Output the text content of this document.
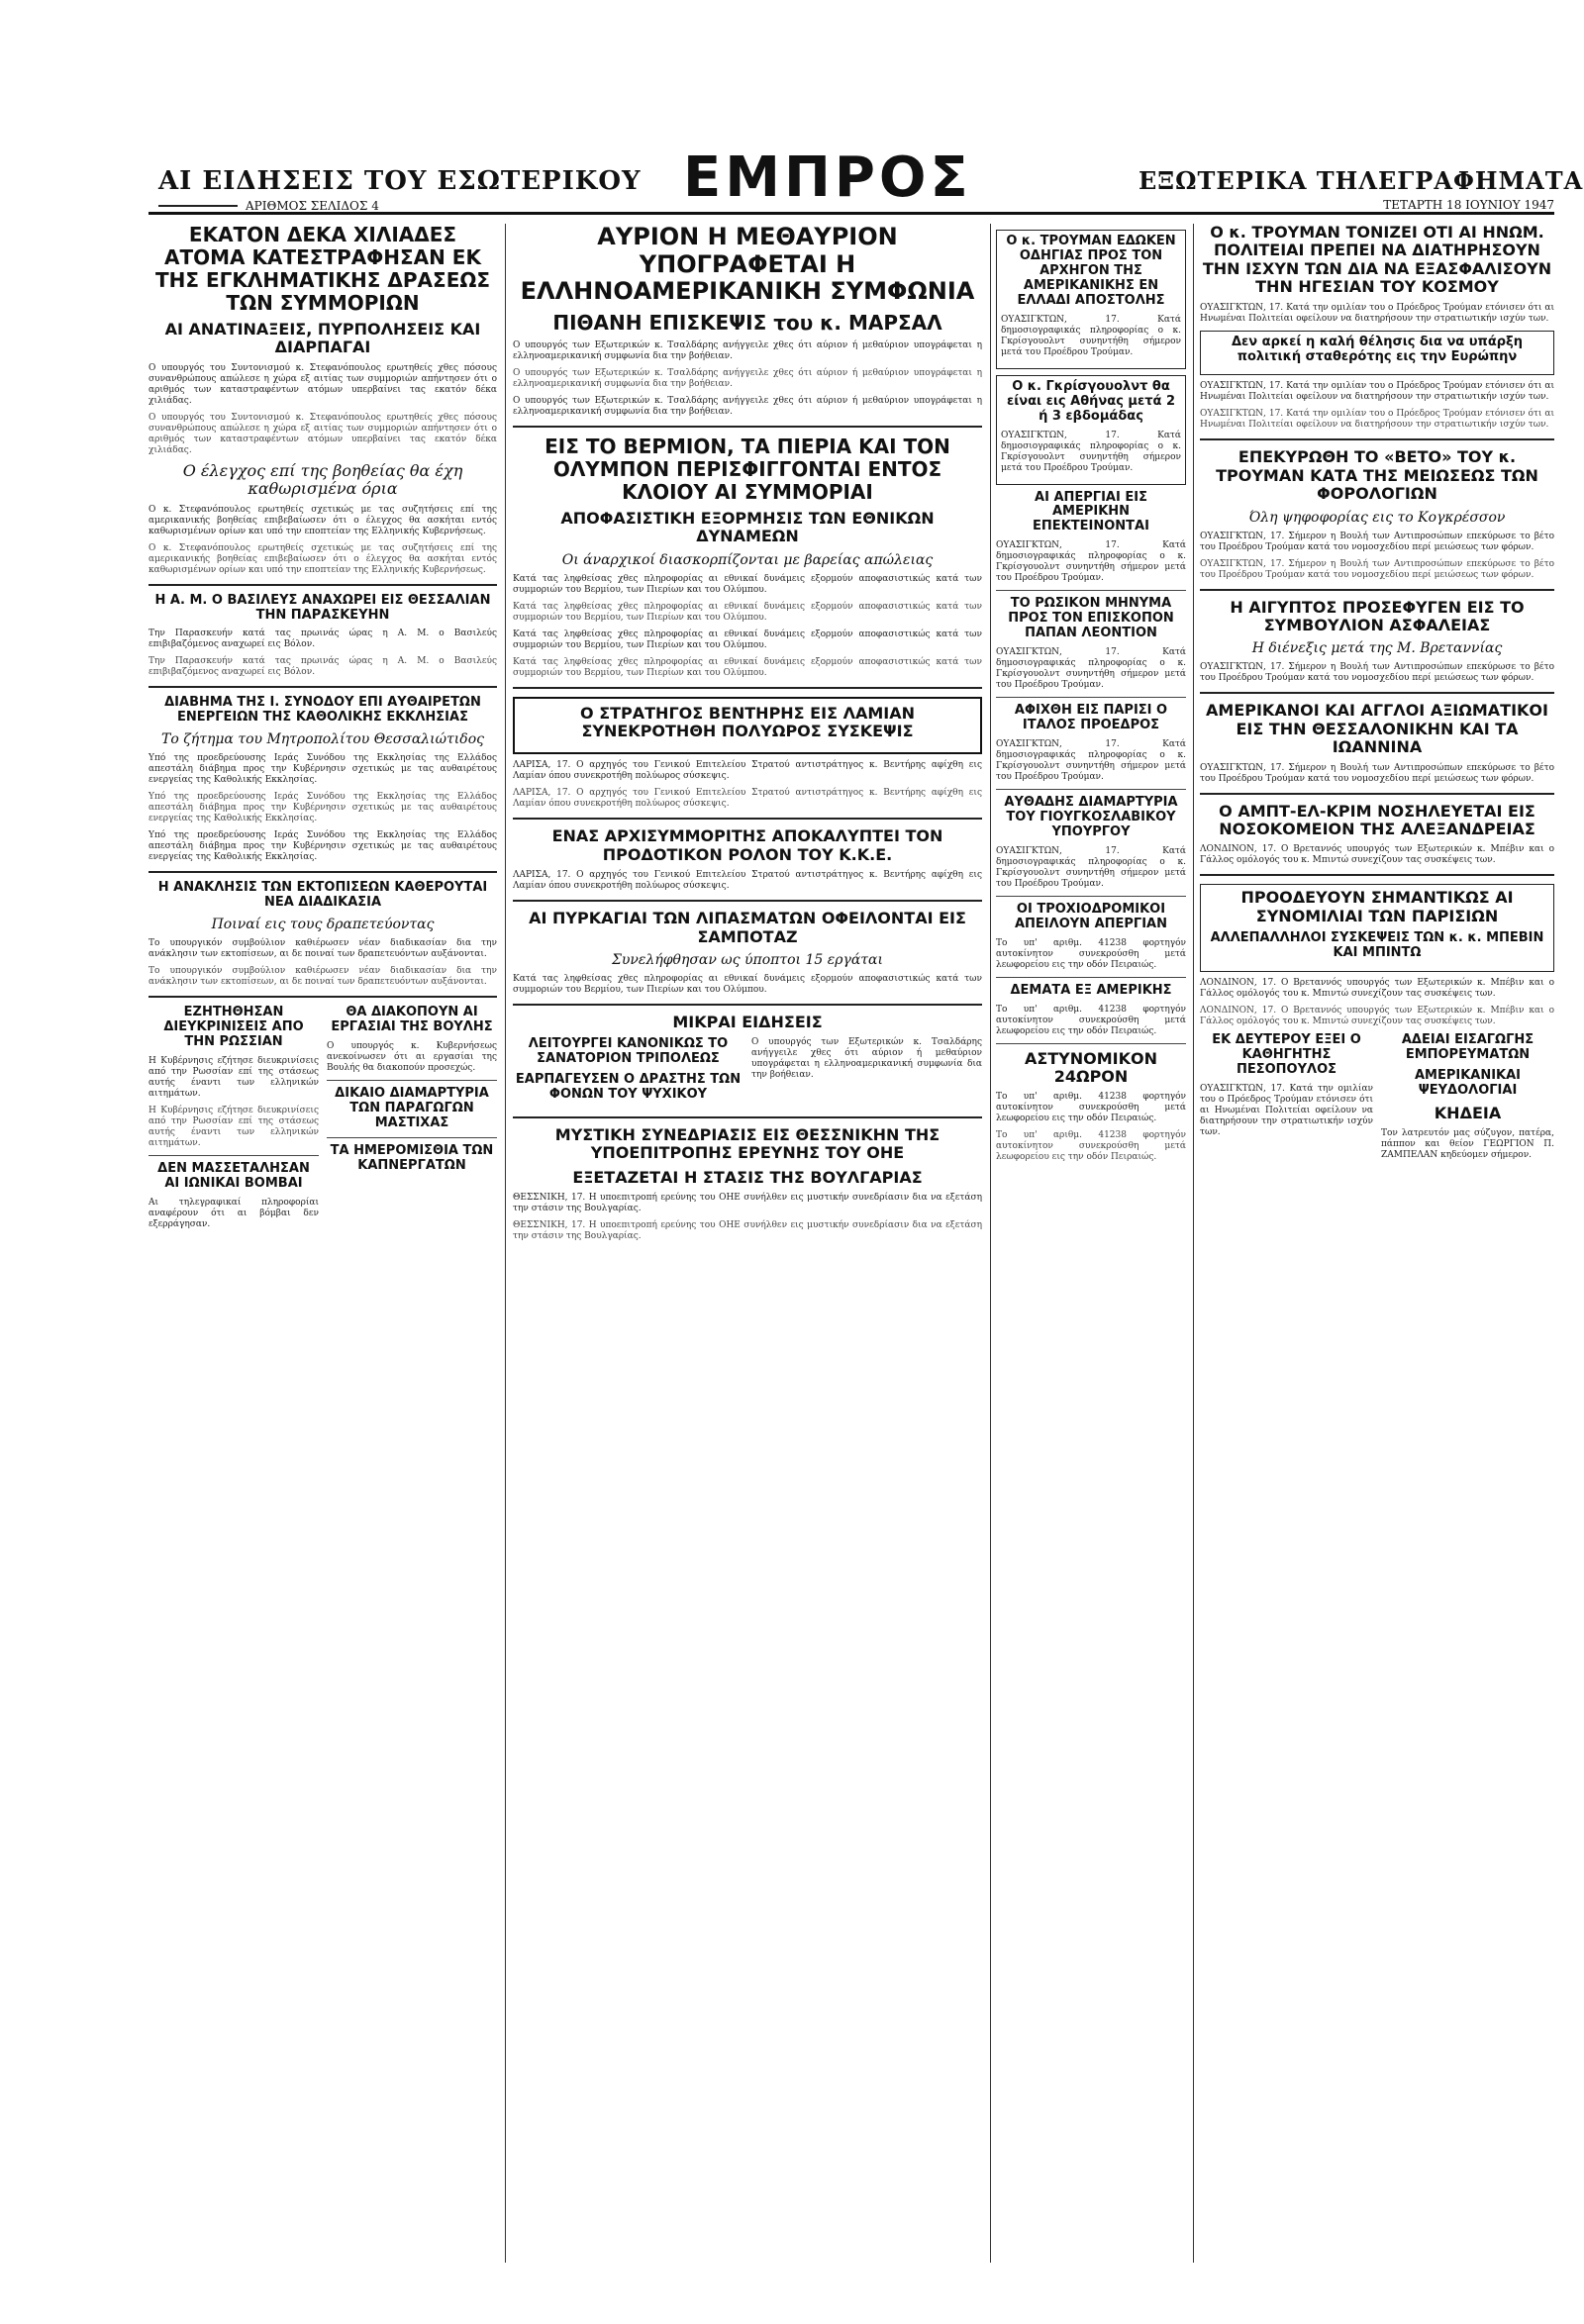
ΑΙ ΕΙΔΗΣΕΙΣ ΤΟΥ ΕΣΩΤΕΡΙΚΟΥ
ΑΡΙΘΜΟΣ ΣΕΛΙΔΟΣ 4	ΕΜΠΡΟΣ	ΕΞΩΤΕΡΙΚΑ ΤΗΛΕΓΡΑΦΗΜΑΤΑ
ΤΕΤΑΡΤΗ 18 ΙΟΥΝΙΟΥ 1947
ΕΚΑΤΟΝ ΔΕΚΑ ΧΙΛΙΑΔΕΣ ΑΤΟΜΑ ΚΑΤΕΣΤΡΑΦΗΣΑΝ ΕΚ ΤΗΣ ΕΓΚΛΗΜΑΤΙΚΗΣ ΔΡΑΣΕΩΣ ΤΩΝ ΣΥΜΜΟΡΙΩΝ
ΑΙ ΑΝΑΤΙΝΑΞΕΙΣ, ΠΥΡΠΟΛΗΣΕΙΣ ΚΑΙ ΔΙΑΡΠΑΓΑΙ
Ο υπουργός του Συντονισμού κ. Στεφανόπουλος ερωτηθείς χθες πόσους συνανθρώπους απώλεσε η χώρα εξ αιτίας των συμμοριών απήντησεν ότι ο αριθμός των καταστραφέντων ατόμων υπερβαίνει τας εκατόν δέκα χιλιάδας.
Ο υπουργός του Συντονισμού κ. Στεφανόπουλος ερωτηθείς χθες πόσους συνανθρώπους απώλεσε η χώρα εξ αιτίας των συμμοριών απήντησεν ότι ο αριθμός των καταστραφέντων ατόμων υπερβαίνει τας εκατόν δέκα χιλιάδας.
Ο έλεγχος επί της βοηθείας θα έχη καθωρισμένα όρια
Ο κ. Στεφανόπουλος ερωτηθείς σχετικώς με τας συζητήσεις επί της αμερικανικής βοηθείας επιβεβαίωσεν ότι ο έλεγχος θα ασκήται εντός καθωρισμένων ορίων και υπό την εποπτείαν της Ελληνικής Κυβερνήσεως.
Ο κ. Στεφανόπουλος ερωτηθείς σχετικώς με τας συζητήσεις επί της αμερικανικής βοηθείας επιβεβαίωσεν ότι ο έλεγχος θα ασκήται εντός καθωρισμένων ορίων και υπό την εποπτείαν της Ελληνικής Κυβερνήσεως.
Η Α. Μ. Ο ΒΑΣΙΛΕΥΣ ΑΝΑΧΩΡΕΙ ΕΙΣ ΘΕΣΣΑΛΙΑΝ ΤΗΝ ΠΑΡΑΣΚΕΥΗΝ
Την Παρασκευήν κατά τας πρωινάς ώρας η Α. Μ. ο Βασιλεύς επιβιβαζόμενος αναχωρεί εις Βόλον.
Την Παρασκευήν κατά τας πρωινάς ώρας η Α. Μ. ο Βασιλεύς επιβιβαζόμενος αναχωρεί εις Βόλον.
ΔΙΑΒΗΜΑ ΤΗΣ Ι. ΣΥΝΟΔΟΥ ΕΠΙ ΑΥΘΑΙΡΕΤΩΝ ΕΝΕΡΓΕΙΩΝ ΤΗΣ ΚΑΘΟΛΙΚΗΣ ΕΚΚΛΗΣΙΑΣ
Το ζήτημα του Μητροπολίτου Θεσσαλιώτιδος
Υπό της προεδρεύουσης Ιεράς Συνόδου της Εκκλησίας της Ελλάδος απεστάλη διάβημα προς την Κυβέρνησιν σχετικώς με τας αυθαιρέτους ενεργείας της Καθολικής Εκκλησίας.
Υπό της προεδρεύουσης Ιεράς Συνόδου της Εκκλησίας της Ελλάδος απεστάλη διάβημα προς την Κυβέρνησιν σχετικώς με τας αυθαιρέτους ενεργείας της Καθολικής Εκκλησίας.
Υπό της προεδρεύουσης Ιεράς Συνόδου της Εκκλησίας της Ελλάδος απεστάλη διάβημα προς την Κυβέρνησιν σχετικώς με τας αυθαιρέτους ενεργείας της Καθολικής Εκκλησίας.
Η ΑΝΑΚΛΗΣΙΣ ΤΩΝ ΕΚΤΟΠΙΣΕΩΝ ΚΑΘΕΡΟΥΤΑΙ ΝΕΑ ΔΙΑΔΙΚΑΣΙΑ
Ποιναί εις τους δραπετεύοντας
Το υπουργικόν συμβούλιον καθιέρωσεν νέαν διαδικασίαν δια την ανάκλησιν των εκτοπίσεων, αι δε ποιναί των δραπετευόντων αυξάνονται.
Το υπουργικόν συμβούλιον καθιέρωσεν νέαν διαδικασίαν δια την ανάκλησιν των εκτοπίσεων, αι δε ποιναί των δραπετευόντων αυξάνονται.
ΕΖΗΤΗΘΗΣΑΝ ΔΙΕΥΚΡΙΝΙΣΕΙΣ ΑΠΟ ΤΗΝ ΡΩΣΣΙΑΝ
Η Κυβέρνησις εζήτησε διευκρινίσεις από την Ρωσσίαν επί της στάσεως αυτής έναντι των ελληνικών αιτημάτων.
Η Κυβέρνησις εζήτησε διευκρινίσεις από την Ρωσσίαν επί της στάσεως αυτής έναντι των ελληνικών αιτημάτων.
ΔΕΝ ΜΑΣΣΕΤΑΛΗΣΑΝ ΑΙ ΙΩΝΙΚΑΙ ΒΟΜΒΑΙ
Αι τηλεγραφικαί πληροφορίαι αναφέρουν ότι αι βόμβαι δεν εξερράγησαν.
ΘΑ ΔΙΑΚΟΠΟΥΝ ΑΙ ΕΡΓΑΣΙΑΙ ΤΗΣ ΒΟΥΛΗΣ
Ο υπουργός κ. Κυβερνήσεως ανεκοίνωσεν ότι αι εργασίαι της Βουλής θα διακοπούν προσεχώς.
ΔΙΚΑΙΟ ΔΙΑΜΑΡΤΥΡΙΑ ΤΩΝ ΠΑΡΑΓΩΓΩΝ ΜΑΣΤΙΧΑΣ
ΤΑ ΗΜΕΡΟΜΙΣΘΙΑ ΤΩΝ ΚΑΠΝΕΡΓΑΤΩΝ
ΑΥΡΙΟΝ Η ΜΕΘΑΥΡΙΟΝ ΥΠΟΓΡΑΦΕΤΑΙ Η ΕΛΛΗΝΟΑΜΕΡΙΚΑΝΙΚΗ ΣΥΜΦΩΝΙΑ
ΠΙΘΑΝΗ ΕΠΙΣΚΕΨΙΣ του κ. ΜΑΡΣΑΛ
Ο υπουργός των Εξωτερικών κ. Τσαλδάρης ανήγγειλε χθες ότι αύριον ή μεθαύριον υπογράφεται η ελληνοαμερικανική συμφωνία δια την βοήθειαν.
Ο υπουργός των Εξωτερικών κ. Τσαλδάρης ανήγγειλε χθες ότι αύριον ή μεθαύριον υπογράφεται η ελληνοαμερικανική συμφωνία δια την βοήθειαν.
Ο υπουργός των Εξωτερικών κ. Τσαλδάρης ανήγγειλε χθες ότι αύριον ή μεθαύριον υπογράφεται η ελληνοαμερικανική συμφωνία δια την βοήθειαν.
ΕΙΣ ΤΟ ΒΕΡΜΙΟΝ, ΤΑ ΠΙΕΡΙΑ ΚΑΙ ΤΟΝ ΟΛΥΜΠΟΝ ΠΕΡΙΣΦΙΓΓΟΝΤΑΙ ΕΝΤΟΣ ΚΛΟΙΟΥ ΑΙ ΣΥΜΜΟΡΙΑΙ
ΑΠΟΦΑΣΙΣΤΙΚΗ ΕΞΟΡΜΗΣΙΣ ΤΩΝ ΕΘΝΙΚΩΝ ΔΥΝΑΜΕΩΝ
Οι άναρχικοί διασκορπίζονται με βαρείας απώλειας
Κατά τας ληφθείσας χθες πληροφορίας αι εθνικαί δυνάμεις εξορμούν αποφασιστικώς κατά των συμμοριών του Βερμίου, των Πιερίων και του Ολύμπου.
Κατά τας ληφθείσας χθες πληροφορίας αι εθνικαί δυνάμεις εξορμούν αποφασιστικώς κατά των συμμοριών του Βερμίου, των Πιερίων και του Ολύμπου.
Κατά τας ληφθείσας χθες πληροφορίας αι εθνικαί δυνάμεις εξορμούν αποφασιστικώς κατά των συμμοριών του Βερμίου, των Πιερίων και του Ολύμπου.
Κατά τας ληφθείσας χθες πληροφορίας αι εθνικαί δυνάμεις εξορμούν αποφασιστικώς κατά των συμμοριών του Βερμίου, των Πιερίων και του Ολύμπου.
Ο ΣΤΡΑΤΗΓΟΣ ΒΕΝΤΗΡΗΣ ΕΙΣ ΛΑΜΙΑΝ ΣΥΝΕΚΡΟΤΗΘΗ ΠΟΛΥΩΡΟΣ ΣΥΣΚΕΨΙΣ
ΛΑΡΙΣΑ, 17. Ο αρχηγός του Γενικού Επιτελείου Στρατού αντιστράτηγος κ. Βεντήρης αφίχθη εις Λαμίαν όπου συνεκροτήθη πολύωρος σύσκεψις.
ΛΑΡΙΣΑ, 17. Ο αρχηγός του Γενικού Επιτελείου Στρατού αντιστράτηγος κ. Βεντήρης αφίχθη εις Λαμίαν όπου συνεκροτήθη πολύωρος σύσκεψις.
ΕΝΑΣ ΑΡΧΙΣΥΜΜΟΡΙΤΗΣ ΑΠΟΚΑΛΥΠΤΕΙ ΤΟΝ ΠΡΟΔΟΤΙΚΟΝ ΡΟΛΟΝ ΤΟΥ Κ.Κ.Ε.
ΛΑΡΙΣΑ, 17. Ο αρχηγός του Γενικού Επιτελείου Στρατού αντιστράτηγος κ. Βεντήρης αφίχθη εις Λαμίαν όπου συνεκροτήθη πολύωρος σύσκεψις.
ΑΙ ΠΥΡΚΑΓΙΑΙ ΤΩΝ ΛΙΠΑΣΜΑΤΩΝ ΟΦΕΙΛΟΝΤΑΙ ΕΙΣ ΣΑΜΠΟΤΑΖ
Συνελήφθησαν ως ύποπτοι 15 εργάται
Κατά τας ληφθείσας χθες πληροφορίας αι εθνικαί δυνάμεις εξορμούν αποφασιστικώς κατά των συμμοριών του Βερμίου, των Πιερίων και του Ολύμπου.
ΜΙΚΡΑΙ ΕΙΔΗΣΕΙΣ
ΛΕΙΤΟΥΡΓΕΙ ΚΑΝΟΝΙΚΩΣ ΤΟ ΣΑΝΑΤΟΡΙΟΝ ΤΡΙΠΟΛΕΩΣ
ΕΑΡΠΑΓΕΥΣΕΝ Ο ΔΡΑΣΤΗΣ ΤΩΝ ΦΟΝΩΝ ΤΟΥ ΨΥΧΙΚΟΥ
Ο υπουργός των Εξωτερικών κ. Τσαλδάρης ανήγγειλε χθες ότι αύριον ή μεθαύριον υπογράφεται η ελληνοαμερικανική συμφωνία δια την βοήθειαν.
ΜΥΣΤΙΚΗ ΣΥΝΕΔΡΙΑΣΙΣ ΕΙΣ ΘΕΣΣΝΙΚΗΝ ΤΗΣ ΥΠΟΕΠΙΤΡΟΠΗΣ ΕΡΕΥΝΗΣ ΤΟΥ ΟΗΕ
ΕΞΕΤΑΖΕΤΑΙ Η ΣΤΑΣΙΣ ΤΗΣ ΒΟΥΛΓΑΡΙΑΣ
ΘΕΣΣΝΙΚΗ, 17. Η υποεπιτροπή ερεύνης του ΟΗΕ συνήλθεν εις μυστικήν συνεδρίασιν δια να εξετάση την στάσιν της Βουλγαρίας.
ΘΕΣΣΝΙΚΗ, 17. Η υποεπιτροπή ερεύνης του ΟΗΕ συνήλθεν εις μυστικήν συνεδρίασιν δια να εξετάση την στάσιν της Βουλγαρίας.
Ο κ. ΤΡΟΥΜΑΝ ΕΔΩΚΕΝ ΟΔΗΓΙΑΣ ΠΡΟΣ ΤΟΝ ΑΡΧΗΓΟΝ ΤΗΣ ΑΜΕΡΙΚΑΝΙΚΗΣ ΕΝ ΕΛΛΑΔΙ ΑΠΟΣΤΟΛΗΣ
ΟΥΑΣΙΓΚΤΩΝ, 17. Κατά δημοσιογραφικάς πληροφορίας ο κ. Γκρίσγουολντ συνηντήθη σήμερον μετά του Προέδρου Τρούμαν.
Ο κ. Γκρίσγουολντ θα είναι εις Αθήνας μετά 2 ή 3 εβδομάδας
ΟΥΑΣΙΓΚΤΩΝ, 17. Κατά δημοσιογραφικάς πληροφορίας ο κ. Γκρίσγουολντ συνηντήθη σήμερον μετά του Προέδρου Τρούμαν.
ΑΙ ΑΠΕΡΓΙΑΙ ΕΙΣ ΑΜΕΡΙΚΗΝ ΕΠΕΚΤΕΙΝΟΝΤΑΙ
ΟΥΑΣΙΓΚΤΩΝ, 17. Κατά δημοσιογραφικάς πληροφορίας ο κ. Γκρίσγουολντ συνηντήθη σήμερον μετά του Προέδρου Τρούμαν.
ΤΟ ΡΩΣΙΚΟΝ ΜΗΝΥΜΑ ΠΡΟΣ ΤΟΝ ΕΠΙΣΚΟΠΟΝ ΠΑΠΑΝ ΛΕΟΝΤΙΟΝ
ΟΥΑΣΙΓΚΤΩΝ, 17. Κατά δημοσιογραφικάς πληροφορίας ο κ. Γκρίσγουολντ συνηντήθη σήμερον μετά του Προέδρου Τρούμαν.
ΑΦΙΧΘΗ ΕΙΣ ΠΑΡΙΣΙ Ο ΙΤΑΛΟΣ ΠΡΟΕΔΡΟΣ
ΟΥΑΣΙΓΚΤΩΝ, 17. Κατά δημοσιογραφικάς πληροφορίας ο κ. Γκρίσγουολντ συνηντήθη σήμερον μετά του Προέδρου Τρούμαν.
ΑΥΘΑΔΗΣ ΔΙΑΜΑΡΤΥΡΙΑ ΤΟΥ ΓΙΟΥΓΚΟΣΛΑΒΙΚΟΥ ΥΠΟΥΡΓΟΥ
ΟΥΑΣΙΓΚΤΩΝ, 17. Κατά δημοσιογραφικάς πληροφορίας ο κ. Γκρίσγουολντ συνηντήθη σήμερον μετά του Προέδρου Τρούμαν.
ΟΙ ΤΡΟΧΙΟΔΡΟΜΙΚΟΙ ΑΠΕΙΛΟΥΝ ΑΠΕΡΓΙΑΝ
Το υπ' αριθμ. 41238 φορτηγόν αυτοκίνητον συνεκρούσθη μετά λεωφορείου εις την οδόν Πειραιώς.
ΔΕΜΑΤΑ ΕΞ ΑΜΕΡΙΚΗΣ
Το υπ' αριθμ. 41238 φορτηγόν αυτοκίνητον συνεκρούσθη μετά λεωφορείου εις την οδόν Πειραιώς.
ΑΣΤΥΝΟΜΙΚΟΝ 24ΩΡΟΝ
Το υπ' αριθμ. 41238 φορτηγόν αυτοκίνητον συνεκρούσθη μετά λεωφορείου εις την οδόν Πειραιώς.
Το υπ' αριθμ. 41238 φορτηγόν αυτοκίνητον συνεκρούσθη μετά λεωφορείου εις την οδόν Πειραιώς.
Ο κ. ΤΡΟΥΜΑΝ ΤΟΝΙΖΕΙ ΟΤΙ ΑΙ ΗΝΩΜ. ΠΟΛΙΤΕΙΑΙ ΠΡΕΠΕΙ ΝΑ ΔΙΑΤΗΡΗΣΟΥΝ ΤΗΝ ΙΣΧΥΝ ΤΩΝ ΔΙΑ ΝΑ ΕΞΑΣΦΑΛΙΣΟΥΝ ΤΗΝ ΗΓΕΣΙΑΝ ΤΟΥ ΚΟΣΜΟΥ
ΟΥΑΣΙΓΚΤΩΝ, 17. Κατά την ομιλίαν του ο Πρόεδρος Τρούμαν ετόνισεν ότι αι Ηνωμέναι Πολιτείαι οφείλουν να διατηρήσουν την στρατιωτικήν ισχύν των.
Δεν αρκεί η καλή θέλησις δια να υπάρξη πολιτική σταθερότης εις την Ευρώπην
ΟΥΑΣΙΓΚΤΩΝ, 17. Κατά την ομιλίαν του ο Πρόεδρος Τρούμαν ετόνισεν ότι αι Ηνωμέναι Πολιτείαι οφείλουν να διατηρήσουν την στρατιωτικήν ισχύν των.
ΟΥΑΣΙΓΚΤΩΝ, 17. Κατά την ομιλίαν του ο Πρόεδρος Τρούμαν ετόνισεν ότι αι Ηνωμέναι Πολιτείαι οφείλουν να διατηρήσουν την στρατιωτικήν ισχύν των.
ΕΠΕΚΥΡΩΘΗ ΤΟ «ΒΕΤΟ» ΤΟΥ κ. ΤΡΟΥΜΑΝ ΚΑΤΑ ΤΗΣ ΜΕΙΩΣΕΩΣ ΤΩΝ ΦΟΡΟΛΟΓΙΩΝ
Όλη ψηφοφορίας εις το Κογκρέσσον
ΟΥΑΣΙΓΚΤΩΝ, 17. Σήμερον η Βουλή των Αντιπροσώπων επεκύρωσε το βέτο του Προέδρου Τρούμαν κατά του νομοσχεδίου περί μειώσεως των φόρων.
ΟΥΑΣΙΓΚΤΩΝ, 17. Σήμερον η Βουλή των Αντιπροσώπων επεκύρωσε το βέτο του Προέδρου Τρούμαν κατά του νομοσχεδίου περί μειώσεως των φόρων.
Η ΑΙΓΥΠΤΟΣ ΠΡΟΣΕΦΥΓΕΝ ΕΙΣ ΤΟ ΣΥΜΒΟΥΛΙΟΝ ΑΣΦΑΛΕΙΑΣ
Η διένεξις μετά της Μ. Βρεταννίας
ΟΥΑΣΙΓΚΤΩΝ, 17. Σήμερον η Βουλή των Αντιπροσώπων επεκύρωσε το βέτο του Προέδρου Τρούμαν κατά του νομοσχεδίου περί μειώσεως των φόρων.
ΑΜΕΡΙΚΑΝΟΙ ΚΑΙ ΑΓΓΛΟΙ ΑΞΙΩΜΑΤΙΚΟΙ ΕΙΣ ΤΗΝ ΘΕΣΣΑΛΟΝΙΚΗΝ ΚΑΙ ΤΑ ΙΩΑΝΝΙΝΑ
ΟΥΑΣΙΓΚΤΩΝ, 17. Σήμερον η Βουλή των Αντιπροσώπων επεκύρωσε το βέτο του Προέδρου Τρούμαν κατά του νομοσχεδίου περί μειώσεως των φόρων.
Ο ΑΜΠΤ-ΕΛ-ΚΡΙΜ ΝΟΣΗΛΕΥΕΤΑΙ ΕΙΣ ΝΟΣΟΚΟΜΕΙΟΝ ΤΗΣ ΑΛΕΞΑΝΔΡΕΙΑΣ
ΛΟΝΔΙΝΟΝ, 17. Ο Βρεταννός υπουργός των Εξωτερικών κ. Μπέβιν και ο Γάλλος ομόλογός του κ. Μπιντώ συνεχίζουν τας συσκέψεις των.
ΠΡΟΟΔΕΥΟΥΝ ΣΗΜΑΝΤΙΚΩΣ ΑΙ ΣΥΝΟΜΙΛΙΑΙ ΤΩΝ ΠΑΡΙΣΙΩΝ
ΑΛΛΕΠΑΛΛΗΛΟΙ ΣΥΣΚΕΨΕΙΣ ΤΩΝ κ. κ. ΜΠΕΒΙΝ ΚΑΙ ΜΠΙΝΤΩ
ΛΟΝΔΙΝΟΝ, 17. Ο Βρεταννός υπουργός των Εξωτερικών κ. Μπέβιν και ο Γάλλος ομόλογός του κ. Μπιντώ συνεχίζουν τας συσκέψεις των.
ΛΟΝΔΙΝΟΝ, 17. Ο Βρεταννός υπουργός των Εξωτερικών κ. Μπέβιν και ο Γάλλος ομόλογός του κ. Μπιντώ συνεχίζουν τας συσκέψεις των.
ΕΚ ΔΕΥΤΕΡΟΥ ΕΞΕΙ Ο ΚΑΘΗΓΗΤΗΣ ΠΕΣΟΠΟΥΛΟΣ
ΟΥΑΣΙΓΚΤΩΝ, 17. Κατά την ομιλίαν του ο Πρόεδρος Τρούμαν ετόνισεν ότι αι Ηνωμέναι Πολιτείαι οφείλουν να διατηρήσουν την στρατιωτικήν ισχύν των.
ΑΔΕΙΑΙ ΕΙΣΑΓΩΓΗΣ ΕΜΠΟΡΕΥΜΑΤΩΝ
ΑΜΕΡΙΚΑΝΙΚΑΙ ΨΕΥΔΟΛΟΓΙΑΙ
ΚΗΔΕΙΑ
Τον λατρευτόν μας σύζυγον, πατέρα, πάππον και θείον ΓΕΩΡΓΙΟΝ Π. ΖΑΜΠΕΛΑΝ κηδεύομεν σήμερον.
